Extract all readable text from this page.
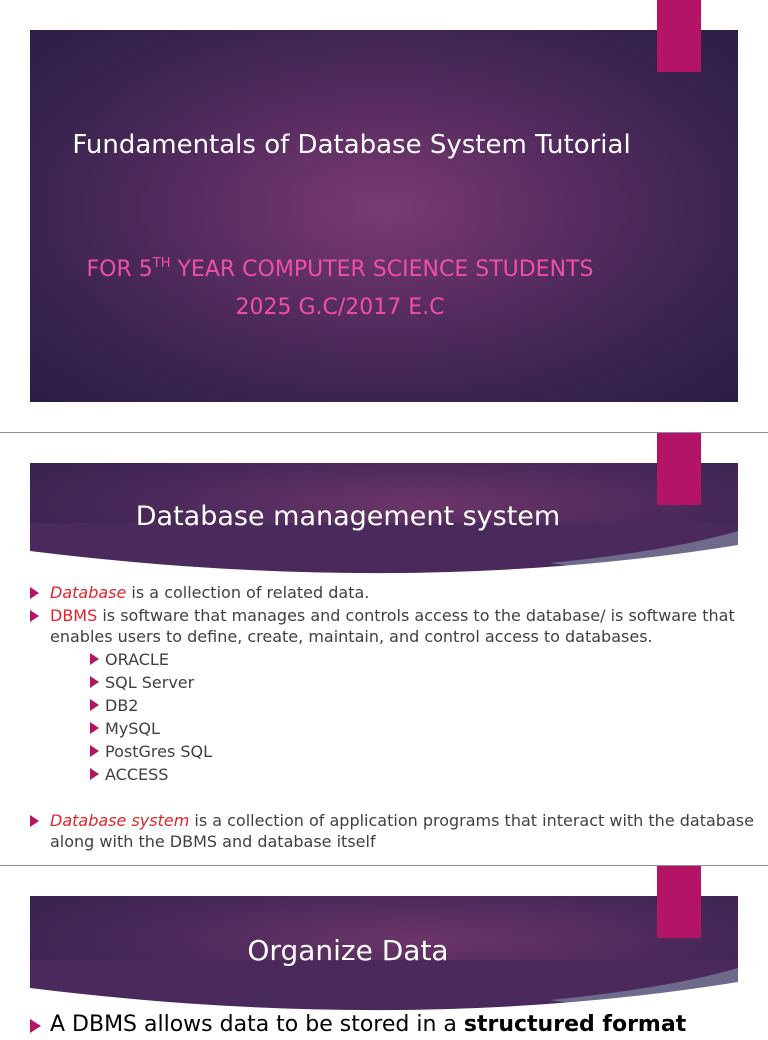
Fundamentals of Database System Tutorial
FOR 5TH YEAR COMPUTER SCIENCE STUDENTS
2025 G.C/2017 E.C
Database management system
Database is a collection of related data.
DBMS is software that manages and controls access to the database/ is software that enables users to define, create, maintain, and control access to databases.
ORACLE
SQL Server
DB2
MySQL
PostGres SQL
ACCESS
Database system is a collection of application programs that interact with the database along with the DBMS and database itself
Organize Data
A DBMS allows data to be stored in a structured format
